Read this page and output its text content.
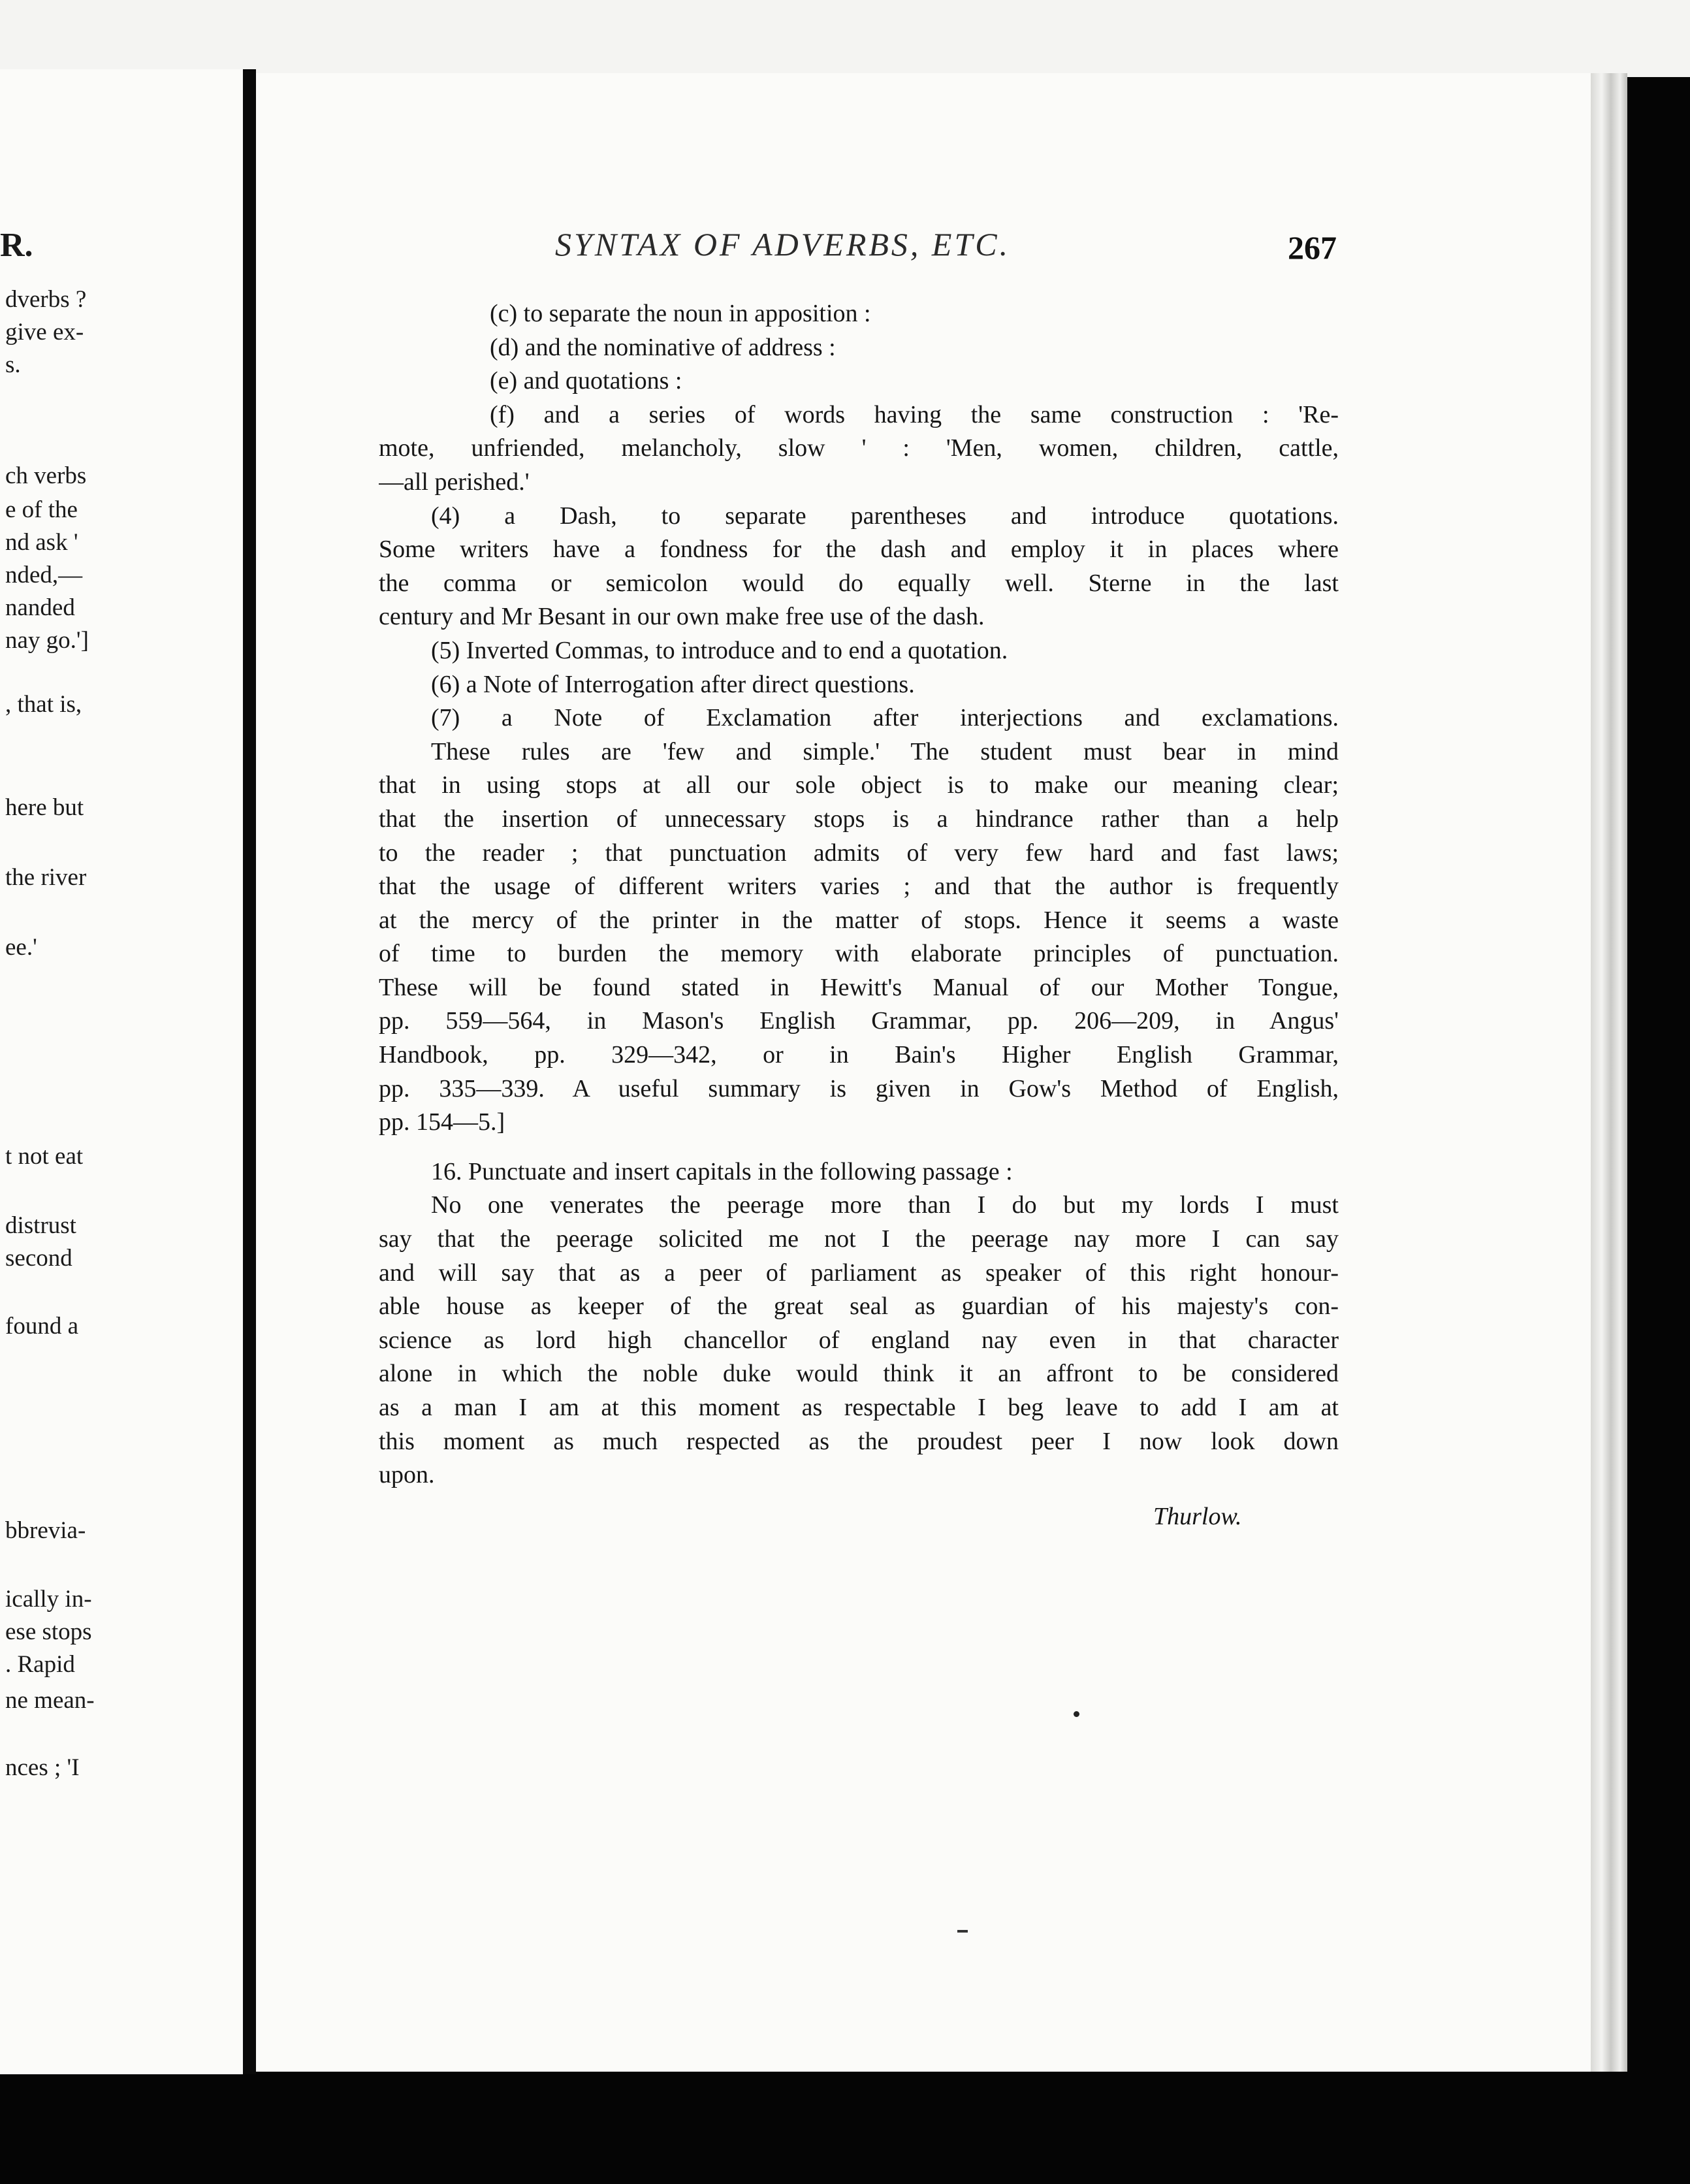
R.
dverbs ?
give ex-
s.
ch verbs
e of the
nd ask '
nded,—
nanded
nay go.']
, that is,
here but
the river
ee.'
t not eat
distrust
second
found a
bbrevia-
ically in-
ese stops
. Rapid
ne mean-
nces ; 'I
SYNTAX OF ADVERBS, ETC.	267
(c) to separate the noun in apposition :
(d) and the nominative of address :
(e) and quotations :
(f) and a series of words having the same construction : 'Re-
mote, unfriended, melancholy, slow ' : 'Men, women, children, cattle,
—all perished.'
(4) a Dash, to separate parentheses and introduce quotations.
Some writers have a fondness for the dash and employ it in places where
the comma or semicolon would do equally well. Sterne in the last
century and Mr Besant in our own make free use of the dash.
(5) Inverted Commas, to introduce and to end a quotation.
(6) a Note of Interrogation after direct questions.
(7) a Note of Exclamation after interjections and exclamations.
These rules are 'few and simple.' The student must bear in mind
that in using stops at all our sole object is to make our meaning clear;
that the insertion of unnecessary stops is a hindrance rather than a help
to the reader ; that punctuation admits of very few hard and fast laws;
that the usage of different writers varies ; and that the author is frequently
at the mercy of the printer in the matter of stops. Hence it seems a waste
of time to burden the memory with elaborate principles of punctuation.
These will be found stated in Hewitt's Manual of our Mother Tongue,
pp. 559—564, in Mason's English Grammar, pp. 206—209, in Angus'
Handbook, pp. 329—342, or in Bain's Higher English Grammar,
pp. 335—339. A useful summary is given in Gow's Method of English,
pp. 154—5.]
16. Punctuate and insert capitals in the following passage :
No one venerates the peerage more than I do but my lords I must
say that the peerage solicited me not I the peerage nay more I can say
and will say that as a peer of parliament as speaker of this right honour-
able house as keeper of the great seal as guardian of his majesty's con-
science as lord high chancellor of england nay even in that character
alone in which the noble duke would think it an affront to be considered
as a man I am at this moment as respectable I beg leave to add I am at
this moment as much respected as the proudest peer I now look down
upon.
Thurlow.
